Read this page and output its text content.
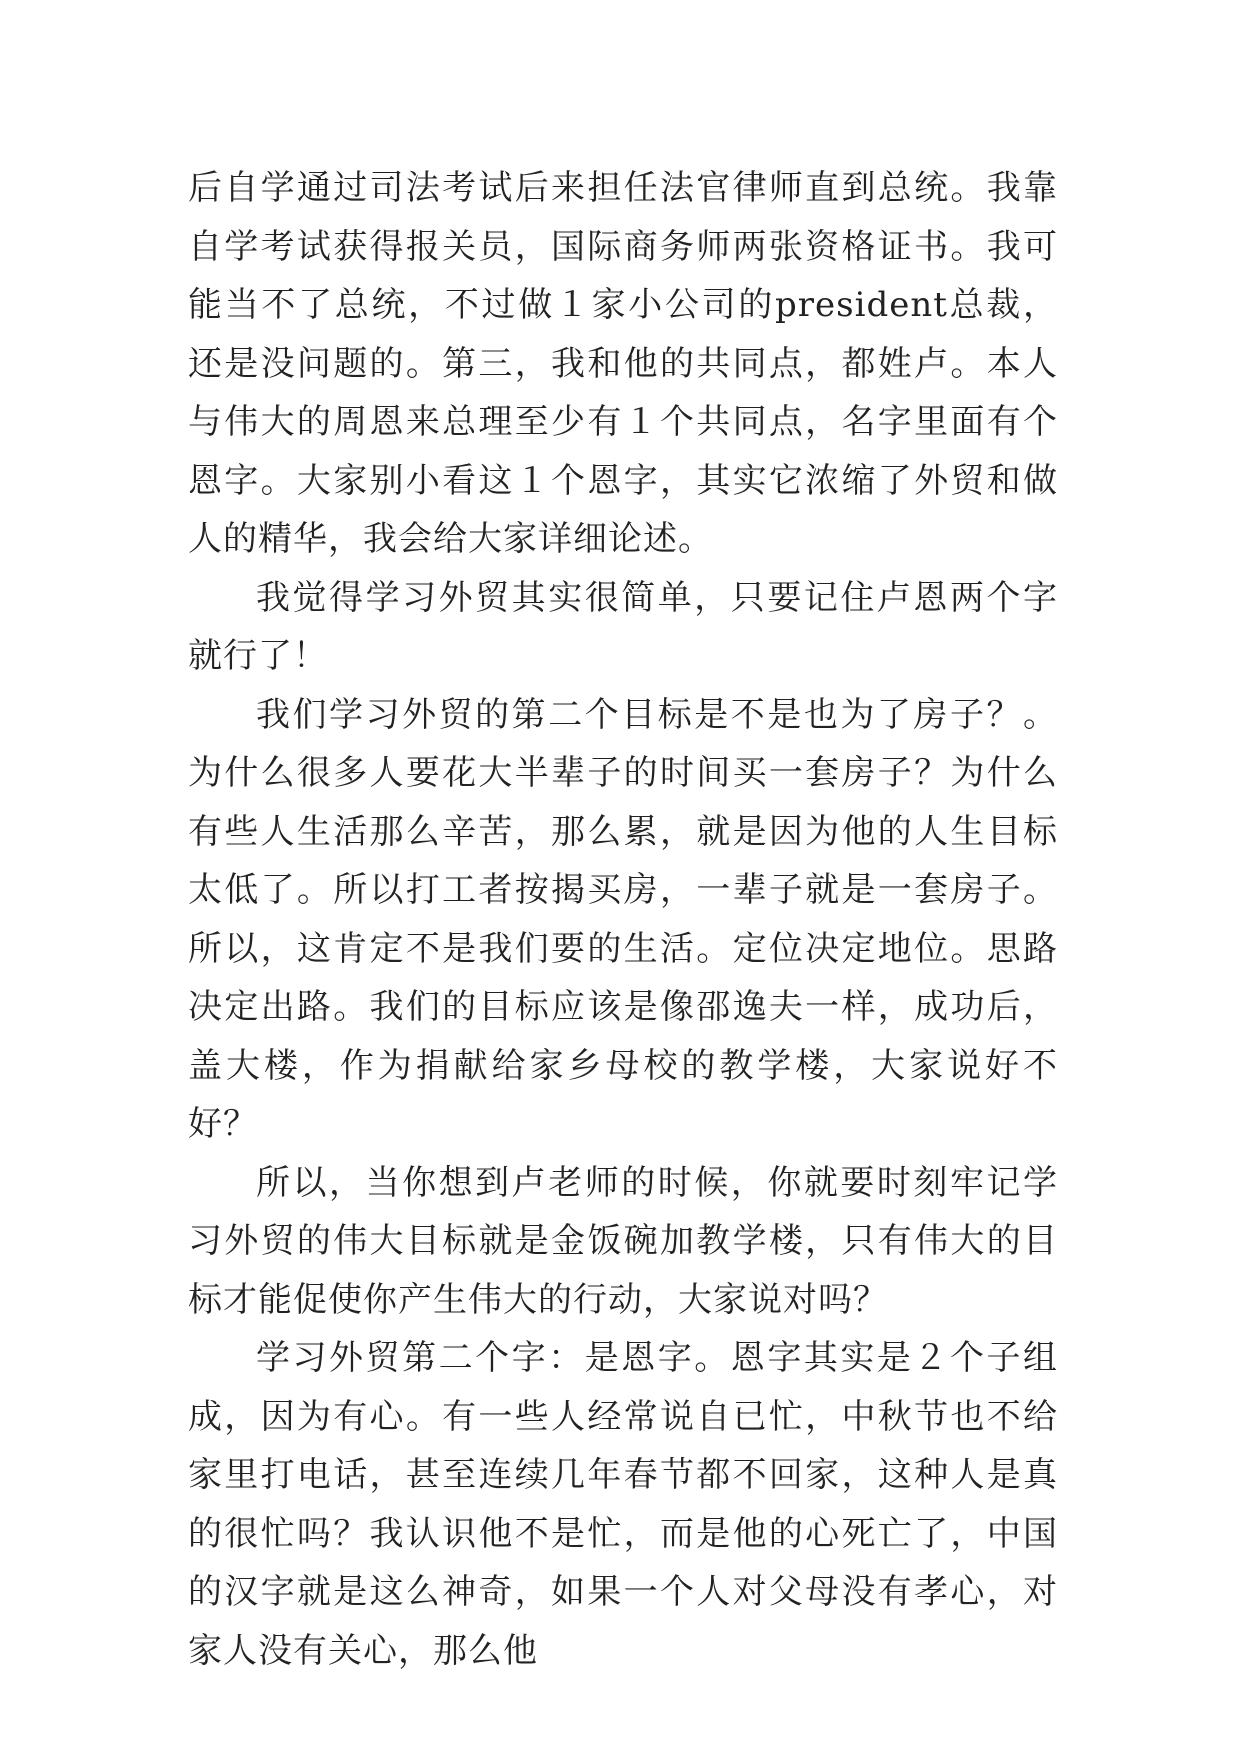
后自学通过司法考试后来担任法官律师直到总统。我靠自学考试获得报关员，国际商务师两张资格证书。我可能当不了总统，不过做１家小公司的president总裁，还是没问题的。第三，我和他的共同点，都姓卢。本人与伟大的周恩来总理至少有１个共同点，名字里面有个恩字。大家别小看这１个恩字，其实它浓缩了外贸和做人的精华，我会给大家详细论述。

我觉得学习外贸其实很简单，只要记住卢恩两个字就行了！

我们学习外贸的第二个目标是不是也为了房子？。为什么很多人要花大半辈子的时间买一套房子？为什么有些人生活那么辛苦，那么累，就是因为他的人生目标太低了。所以打工者按揭买房，一辈子就是一套房子。所以，这肯定不是我们要的生活。定位决定地位。思路决定出路。我们的目标应该是像邵逸夫一样，成功后，盖大楼，作为捐献给家乡母校的教学楼，大家说好不好？

所以，当你想到卢老师的时候，你就要时刻牢记学习外贸的伟大目标就是金饭碗加教学楼，只有伟大的目标才能促使你产生伟大的行动，大家说对吗？

学习外贸第二个字：是恩字。恩字其实是２个子组成，因为有心。有一些人经常说自已忙，中秋节也不给家里打电话，甚至连续几年春节都不回家，这种人是真的很忙吗？我认识他不是忙，而是他的心死亡了，中国的汉字就是这么神奇，如果一个人对父母没有孝心，对家人没有关心，那么他
